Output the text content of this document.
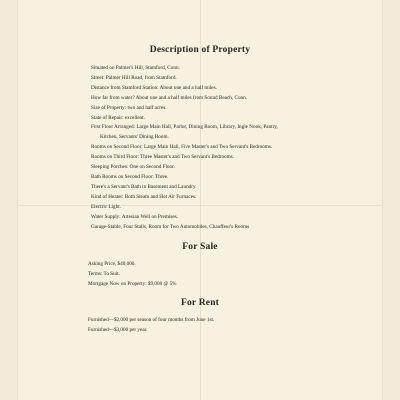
Description of Property
Situated on Palmer's Hill, Stamford, Conn.
Street: Palmer Hill Road, from Stamford.
Distance from Stamford Station: About one and a half miles.
How far from water? About one and a half miles from Sound Beach, Conn.
Size of Property: two and half acres.
State of Repair: excellent.
First Floor Arranged: Large Main Hall, Parlor, Dining Room, Library, Ingle Nook, Pantry,
Kitchen, Servants' Dining Room.
Rooms on Second Floor: Large Main Hall, Five Master's and Two Servant's Bedrooms.
Rooms on Third Floor: Three Master's and Two Servant's Bedrooms.
Sleeping Porches: One on Second Floor.
Bath Rooms on Second Floor: Three.
There's a Servant's Bath in Basement and Laundry.
Kind of Heater: Both Steam and Hot Air Furnaces.
Electric Light.
Water Supply: Artesian Well on Premises.
Garage-Stable, Four Stalls, Room for Two Automobiles, Chauffeur's Rooms
For Sale
Asking Price, $40,000.
Terms: To Suit.
Mortgage Now on Property: $9,000 @ 5%
For Rent
Furnished—$2,000 per season of four months from June 1st.
Furnished—$3,000 per year.
